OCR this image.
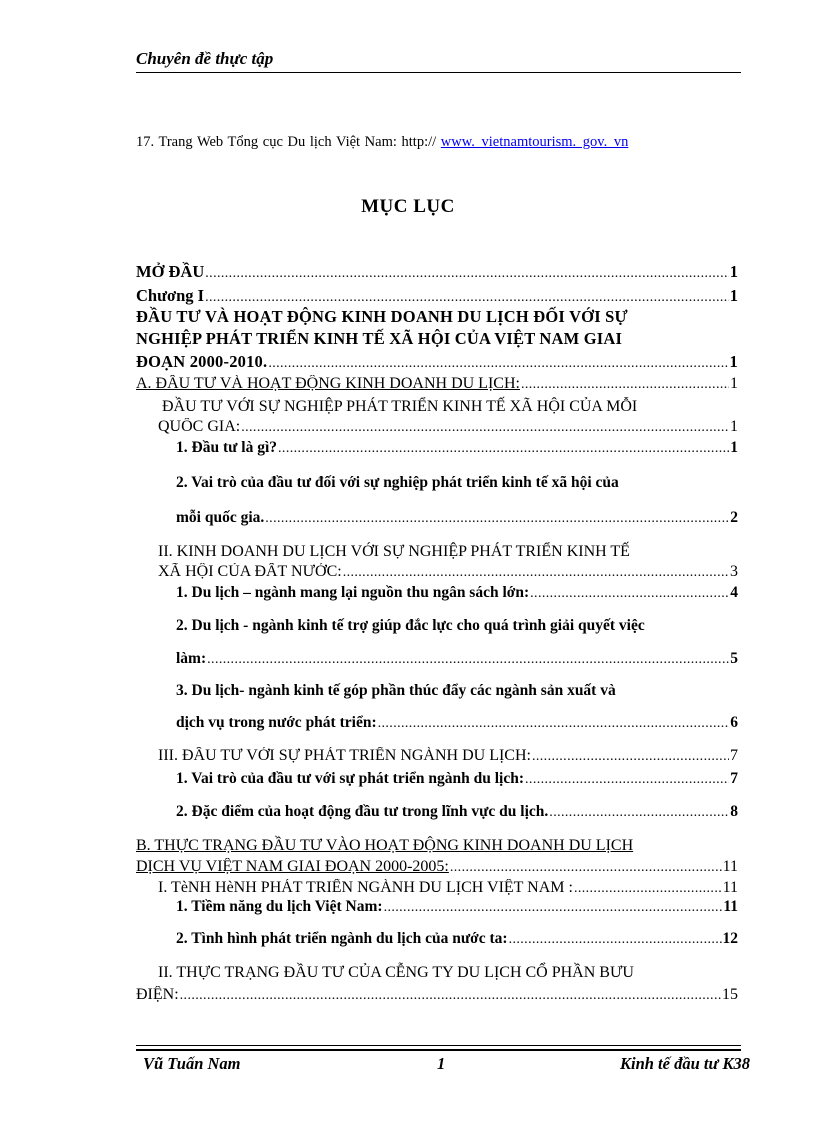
Chuyên đề thực tập
17. Trang Web Tổng cục Du lịch Việt Nam: http:// www. vietnamtourism. gov. vn
MỤC LỤC
MỞ ĐẦU .....	1
Chương I .....	1
ĐẦU TƯ VÀ HOẠT ĐỘNG KINH DOANH DU LỊCH ĐỐI VỚI SỰ
NGHIỆP PHÁT TRIỂN KINH TẾ XÃ HỘI CỦA VIỆT NAM GIAI
ĐOẠN 2000-2010. .....	1
A. ĐẦU TƯ VÀ HOẠT ĐỘNG KINH DOANH DU LỊCH: .....	1
ĐẦU TƯ VỚI SỰ NGHIỆP PHÁT TRIỂN KINH TẾ XÃ HỘI CỦA MỖI
QUỐC GIA: .....	1
1. Đầu tư là gì? .....	1
2. Vai trò của đầu tư đối với sự nghiệp phát triển kinh tế xã hội của
mỗi quốc gia. .....	2
II. KINH DOANH DU LỊCH VỚI SỰ NGHIỆP PHÁT TRIỂN KINH TẾ
XÃ HỘI CỦA ĐẤT NƯỚC: .....	3
1. Du lịch – ngành mang lại nguồn thu ngân sách lớn: .....	4
2. Du lịch - ngành kinh tế trợ giúp đắc lực cho quá trình giải quyết việc
làm: .....	5
3. Du lịch- ngành kinh tế góp phần thúc đẩy các ngành sản xuất và
dịch vụ trong nước phát triển: .....	6
III. ĐẦU TƯ VỚI SỰ PHÁT TRIỂN NGÀNH DU LỊCH: .....	7
1. Vai trò của đầu tư với sự phát triển ngành du lịch: .....	7
2. Đặc điểm của hoạt động đầu tư trong lĩnh vực du lịch. .....	8
B. THỰC TRẠNG ĐẦU TƯ VÀO HOẠT ĐỘNG KINH DOANH DU LỊCH
DỊCH VỤ VIỆT NAM GIAI ĐOẠN 2000-2005: .....	11
I. TèNH HèNH PHÁT TRIỂN NGÀNH DU LỊCH VIỆT NAM : .....	11
1. Tiềm năng du lịch Việt Nam: .....	11
2. Tình hình phát triển ngành du lịch của nước ta: .....	12
II. THỰC TRẠNG ĐẦU TƯ CỦA CỄNG TY DU LỊCH CỔ PHẦN BƯU
ĐIỆN: .....	15
Vũ Tuấn Nam	1	Kinh tế đầu tư K38
